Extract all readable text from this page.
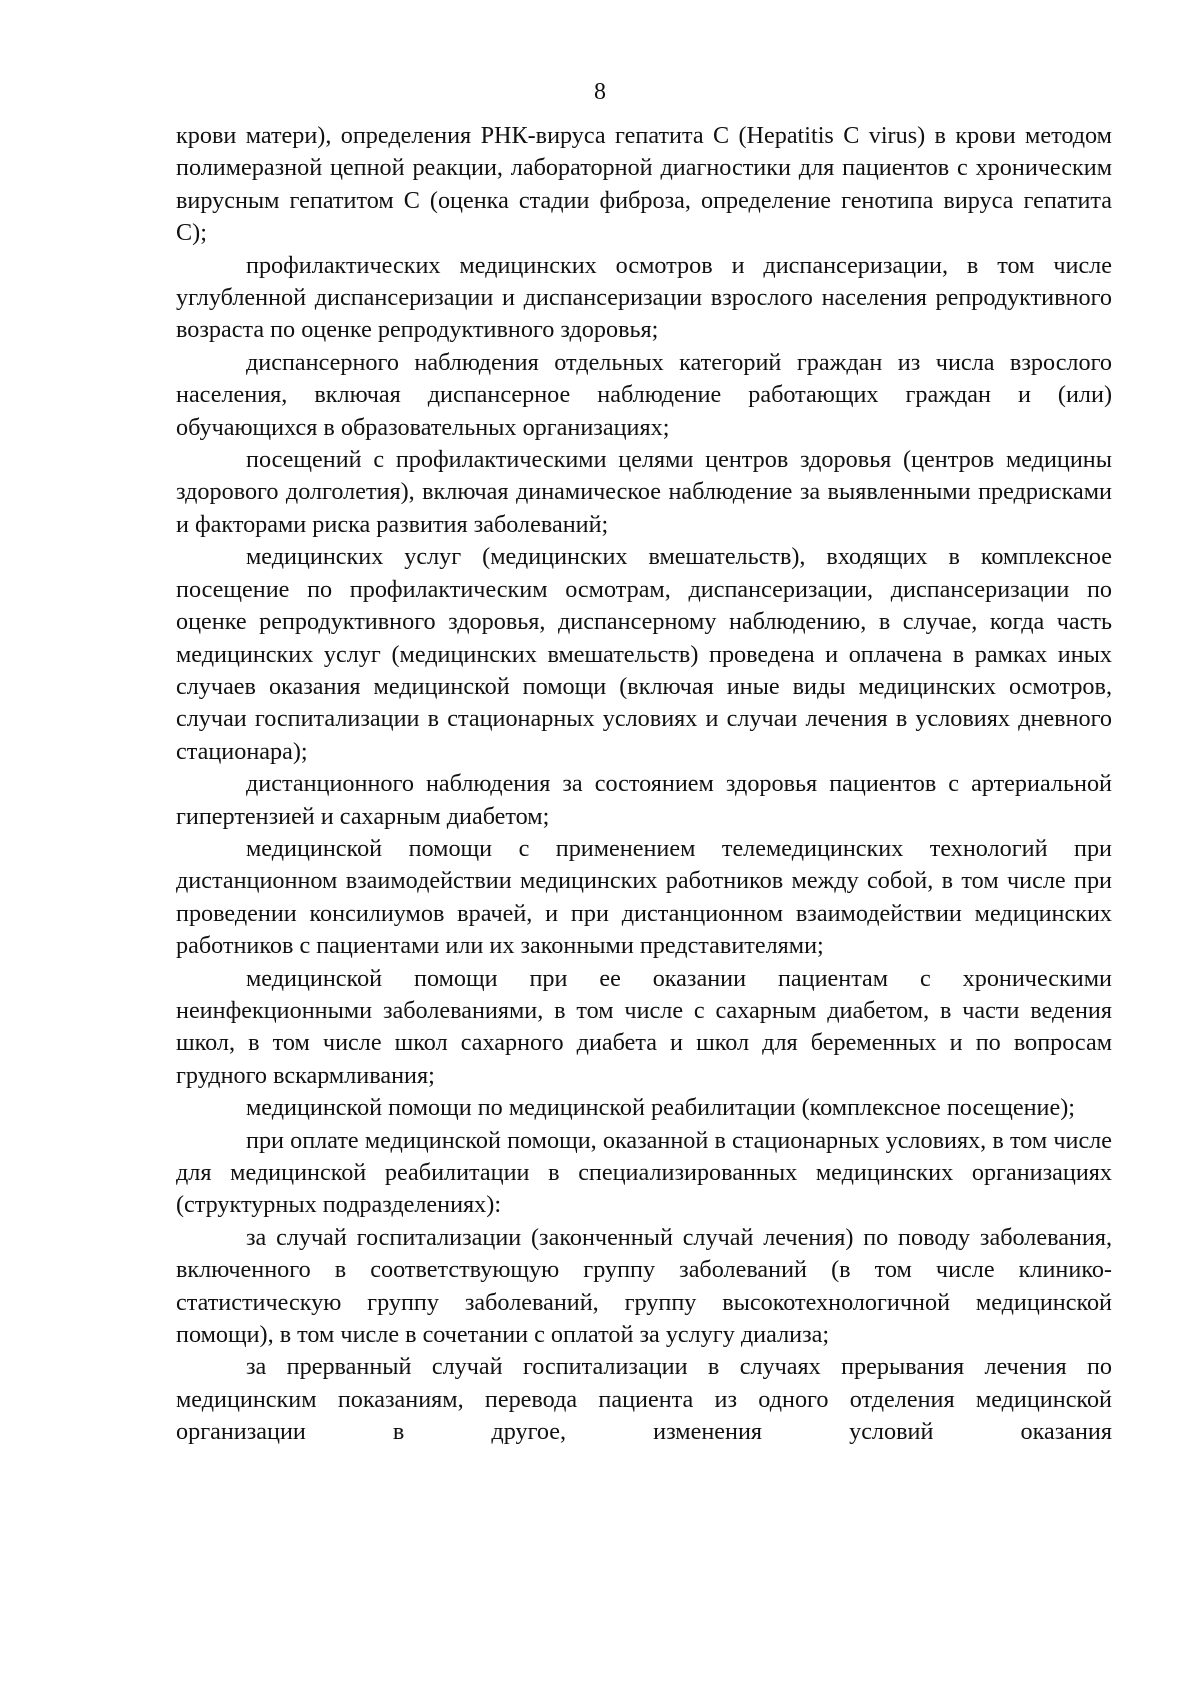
8

крови матери), определения РНК-вируса гепатита С (Hepatitis C virus) в крови методом полимеразной цепной реакции, лабораторной диагностики для пациентов с хроническим вирусным гепатитом С (оценка стадии фиброза, определение генотипа вируса гепатита С);

профилактических медицинских осмотров и диспансеризации, в том числе углубленной диспансеризации и диспансеризации взрослого населения репродуктивного возраста по оценке репродуктивного здоровья;

диспансерного наблюдения отдельных категорий граждан из числа взрослого населения, включая диспансерное наблюдение работающих граждан и (или) обучающихся в образовательных организациях;

посещений с профилактическими целями центров здоровья (центров медицины здорового долголетия), включая динамическое наблюдение за выявленными предрисками и факторами риска развития заболеваний;

медицинских услуг (медицинских вмешательств), входящих в комплексное посещение по профилактическим осмотрам, диспансеризации, диспансеризации по оценке репродуктивного здоровья, диспансерному наблюдению, в случае, когда часть медицинских услуг (медицинских вмешательств) проведена и оплачена в рамках иных случаев оказания медицинской помощи (включая иные виды медицинских осмотров, случаи госпитализации в стационарных условиях и случаи лечения в условиях дневного стационара);

дистанционного наблюдения за состоянием здоровья пациентов с артериальной гипертензией и сахарным диабетом;

медицинской помощи с применением телемедицинских технологий при дистанционном взаимодействии медицинских работников между собой, в том числе при проведении консилиумов врачей, и при дистанционном взаимодействии медицинских работников с пациентами или их законными представителями;

медицинской помощи при ее оказании пациентам с хроническими неинфекционными заболеваниями, в том числе с сахарным диабетом, в части ведения школ, в том числе школ сахарного диабета и школ для беременных и по вопросам грудного вскармливания;

медицинской помощи по медицинской реабилитации (комплексное посещение);

при оплате медицинской помощи, оказанной в стационарных условиях, в том числе для медицинской реабилитации в специализированных медицинских организациях (структурных подразделениях):

за случай госпитализации (законченный случай лечения) по поводу заболевания, включенного в соответствующую группу заболеваний (в том числе клинико-статистическую группу заболеваний, группу высокотехнологичной медицинской помощи), в том числе в сочетании с оплатой за услугу диализа;

за прерванный случай госпитализации в случаях прерывания лечения по медицинским показаниям, перевода пациента из одного отделения медицинской организации в другое, изменения условий оказания
